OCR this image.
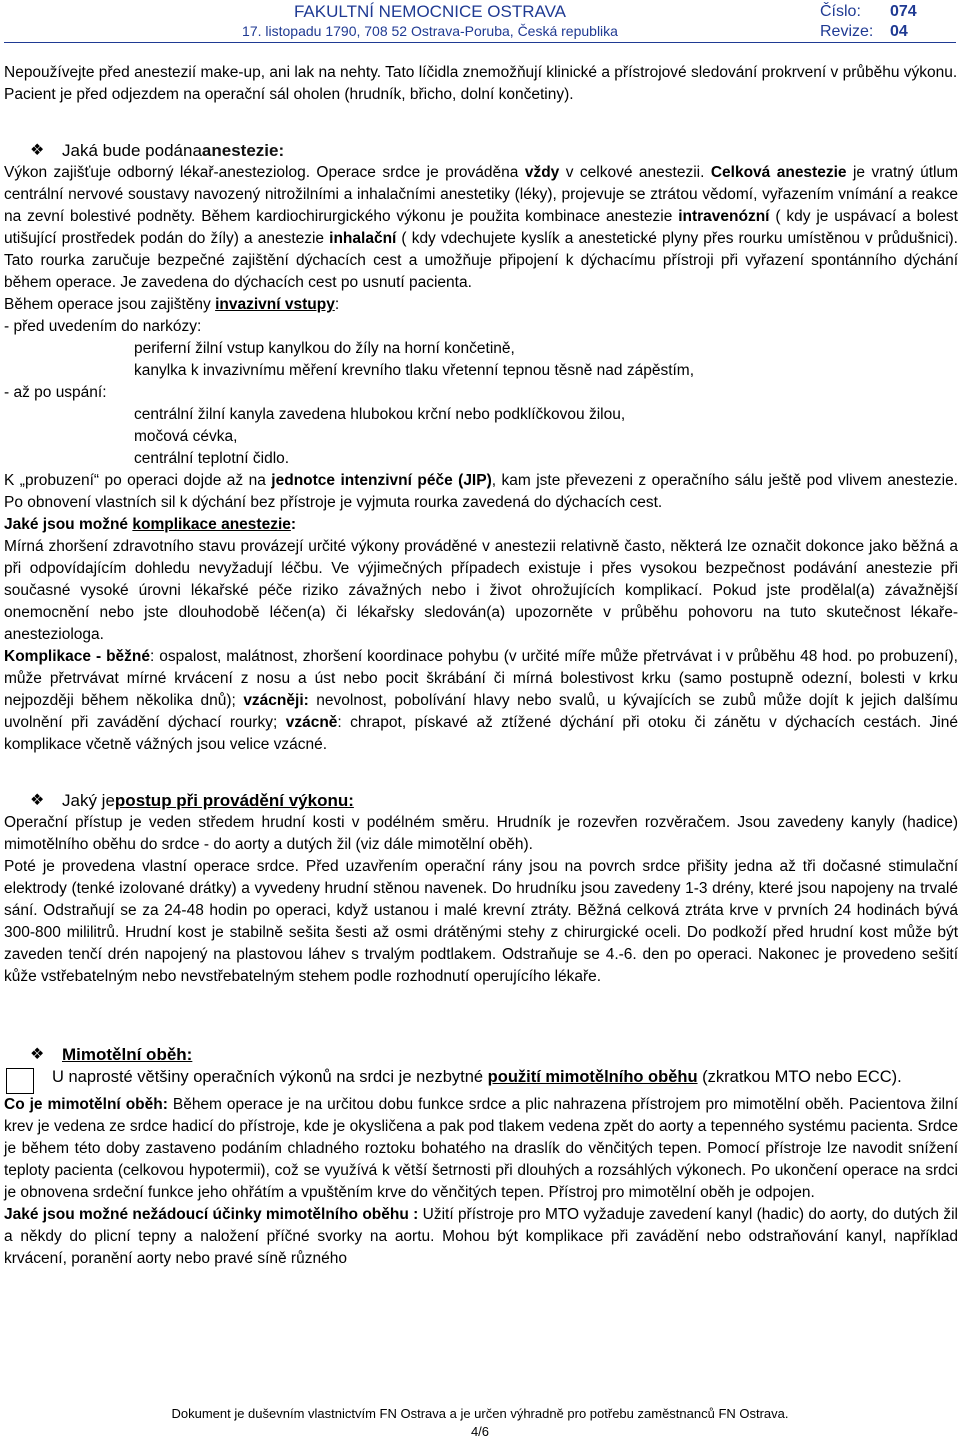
FAKULTNÍ NEMOCNICE OSTRAVA
17. listopadu 1790, 708 52 Ostrava-Poruba, Česká republika
Číslo:	074
Revize:	04

Nepoužívejte před anestezií make-up, ani lak na nehty. Tato líčidla znemožňují klinické a přístrojové sledování prokrvení v průběhu výkonu.

Pacient je před odjezdem na operační sál oholen (hrudník, břicho, dolní končetiny).

❖ Jaká bude podána anestezie:

Výkon zajišťuje odborný lékař-anesteziolog. Operace srdce je prováděna vždy v celkové anestezii. Celková anestezie je vratný útlum centrální nervové soustavy navozený nitrožilními a inhalačními anestetiky (léky), projevuje se ztrátou vědomí, vyřazením vnímání a reakce na zevní bolestivé podněty. Během kardiochirurgického výkonu je použita kombinace anestezie intravenózní ( kdy je uspávací a bolest utišující prostředek podán do žíly) a anestezie inhalační ( kdy vdechujete kyslík a anestetické plyny přes rourku umístěnou v průdušnici). Tato rourka zaručuje bezpečné zajištění dýchacích cest a umožňuje připojení k dýchacímu přístroji při vyřazení spontánního dýchání během operace. Je zavedena do dýchacích cest po usnutí pacienta.

Během operace jsou zajištěny invazivní vstupy:

- před uvedením do narkózy:

periferní žilní vstup kanylkou do žíly na horní končetině,

kanylka k invazivnímu měření krevního tlaku vřetenní tepnou těsně nad zápěstím,

- až po uspání:

centrální žilní kanyla zavedena hlubokou krční nebo podklíčkovou žilou,

močová cévka,

centrální teplotní čidlo.

K „probuzení“ po operaci dojde až na jednotce intenzivní péče (JIP), kam jste převezeni z operačního sálu ještě pod vlivem anestezie. Po obnovení vlastních sil k dýchání bez přístroje je vyjmuta rourka zavedená do dýchacích cest.

Jaké jsou možné komplikace anestezie:

Mírná zhoršení zdravotního stavu provázejí určité výkony prováděné v anestezii relativně často, některá lze označit dokonce jako běžná a při odpovídajícím dohledu nevyžadují léčbu. Ve výjimečných případech existuje i přes vysokou bezpečnost podávání anestezie při současné vysoké úrovni lékařské péče riziko závažných nebo i život ohrožujících komplikací. Pokud jste prodělal(a) závažnější onemocnění nebo jste dlouhodobě léčen(a) či lékařsky sledován(a) upozorněte v průběhu pohovoru na tuto skutečnost lékaře-anesteziologa.

Komplikace - běžné: ospalost, malátnost, zhoršení koordinace pohybu (v určité míře může přetrvávat i v průběhu 48 hod. po probuzení), může přetrvávat mírné krvácení z nosu a úst nebo pocit škrábání či mírná bolestivost krku (samo postupně odezní, bolesti v krku nejpozději během několika dnů); vzácněji: nevolnost, pobolívání hlavy nebo svalů, u kývajících se zubů může dojít k jejich dalšímu uvolnění při zavádění dýchací rourky; vzácně: chrapot, pískavé až ztížené dýchání při otoku či zánětu v dýchacích cestách. Jiné komplikace včetně vážných jsou velice vzácné.

❖ Jaký je postup při provádění výkonu:

Operační přístup je veden středem hrudní kosti v podélném směru. Hrudník je rozevřen rozvěračem. Jsou zavedeny kanyly (hadice) mimotělního oběhu do srdce - do aorty a dutých žil (viz dále mimotělní oběh).

Poté je provedena vlastní operace srdce. Před uzavřením operační rány jsou na povrch srdce přišity jedna až tři dočasné stimulační elektrody (tenké izolované drátky) a vyvedeny hrudní stěnou navenek. Do hrudníku jsou zavedeny 1-3 drény, které jsou napojeny na trvalé sání. Odstraňují se za 24-48 hodin po operaci, když ustanou i malé krevní ztráty. Běžná celková ztráta krve v prvních 24 hodinách bývá 300-800 mililitrů. Hrudní kost je stabilně sešita šesti až osmi drátěnými stehy z chirurgické oceli. Do podkoží před hrudní kost může být zaveden tenčí drén napojený na plastovou láhev s trvalým podtlakem. Odstraňuje se 4.-6. den po operaci. Nakonec je provedeno sešití kůže vstřebatelným nebo nevstřebatelným stehem podle rozhodnutí operujícího lékaře.

❖ Mimotělní oběh:

U naprosté většiny operačních výkonů na srdci je nezbytné použití mimotělního oběhu (zkratkou MTO nebo ECC).

Co je mimotělní oběh: Během operace je na určitou dobu funkce srdce a plic nahrazena přístrojem pro mimotělní oběh. Pacientova žilní krev je vedena ze srdce hadicí do přístroje, kde je okysličena a pak pod tlakem vedena zpět do aorty a tepenného systému pacienta. Srdce je během této doby zastaveno podáním chladného roztoku bohatého na draslík do věnčitých tepen. Pomocí přístroje lze navodit snížení teploty pacienta (celkovou hypotermii), což se využívá k větší šetrnosti při dlouhých a rozsáhlých výkonech. Po ukončení operace na srdci je obnovena srdeční funkce jeho ohřátím a vpuštěním krve do věnčitých tepen. Přístroj pro mimotělní oběh je odpojen.

Jaké jsou možné nežádoucí účinky mimotělního oběhu : Užití přístroje pro MTO vyžaduje zavedení kanyl (hadic) do aorty, do dutých žil a někdy do plicní tepny a naložení příčné svorky na aortu. Mohou být komplikace při zavádění nebo odstraňování kanyl, například krvácení, poranění aorty nebo pravé síně různého

Dokument je duševním vlastnictvím FN Ostrava a je určen výhradně pro potřebu zaměstnanců FN Ostrava.
4/6
